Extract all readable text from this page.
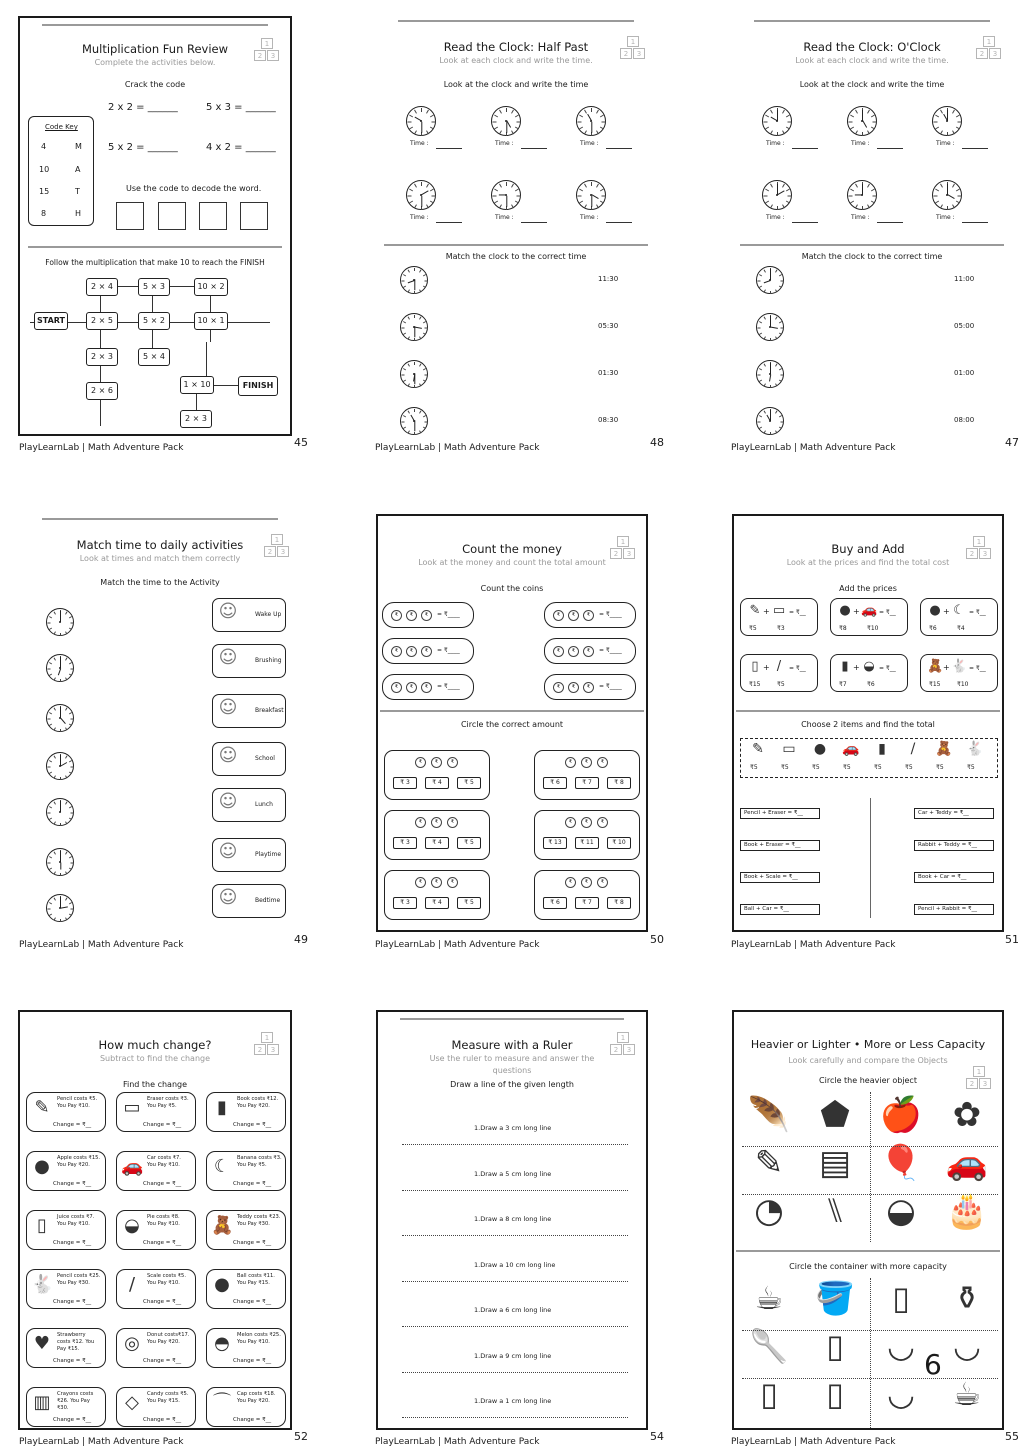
Multiplication Fun Review
Complete the activities below.
1
2	3
Crack the code
2 x 2 = ______	5 x 3 = ______
5 x 2 = ______	4 x 2 = ______
Code Key
4	M
10	A
15	T
8	H
Use the code to decode the word.
Follow the multiplication that make 10 to reach the FINISH
START
2 × 4
2 × 5
5 × 3
5 × 2
10 × 2
10 × 1
2 × 3	5 × 4
2 × 6
1 × 10	FINISH
2 × 3
PlayLearnLab | Math Adventure Pack	45
Read the Clock: Half Past
Look at each clock and write the time.
1
2	3
Look at the clock and write the time
Time :	Time :	Time :
Time :	Time :	Time :
Match the clock to the correct time
11:30
05:30
01:30
08:30
PlayLearnLab | Math Adventure Pack	48
Read the Clock: O'Clock
Look at each clock and write the time.
1
2	3
Look at the clock and write the time
Time :	Time :	Time :
Time :	Time :	Time :
Match the clock to the correct time
11:00
05:00
01:00
08:00
PlayLearnLab | Math Adventure Pack	47
Match time to daily activities
Look at times and match them correctly
1
2	3
Match the time to the Activity
☺	Wake Up
☺	Brushing
☺	Breakfast
☺	School
☺	Lunch
☺	Playtime
☺	Bedtime
PlayLearnLab | Math Adventure Pack	49
Count the money
Look at the money and count the total amount
1
2	3
Count the coins
₹	₹	₹	= ₹____	₹	₹	₹	= ₹____
₹	₹	₹	= ₹____	₹	₹	₹	= ₹____
₹	₹	₹	= ₹____	₹	₹	₹	= ₹____
Circle the correct amount
₹	₹	₹
₹ 3	₹ 4	₹ 5
₹	₹	₹
₹ 6	₹ 7	₹ 8
₹	₹	₹
₹ 3	₹ 4	₹ 5
₹	₹	₹
₹ 13	₹ 11	₹ 10
₹	₹	₹
₹ 3	₹ 4	₹ 5
₹	₹	₹
₹ 6	₹ 7	₹ 8
PlayLearnLab | Math Adventure Pack	50
Buy and Add
Look at the prices and find the total cost
1
2	3
Add the prices
✎ + ▭ = ₹__
₹5	₹3
● + 🚗 = ₹__
₹8	₹10
● + ☾ = ₹__
₹6	₹4
▯ + /	= ₹__
₹15	₹5
▮ + ◒ = ₹__
₹7	₹6
🧸 + 🐇 = ₹__
₹15	₹10
Choose 2 items and find the total
✎
₹5
▭
₹5
●
₹5
🚗
₹5
▮
₹5
/
₹5
🧸
₹5
🐇
₹5
Pencil + Eraser = ₹__	Car + Teddy = ₹__
Book + Eraser = ₹__	Rabbit + Teddy = ₹__
Book + Scale = ₹__	Book + Car = ₹__
Ball + Car = ₹__	Pencil + Rabbit = ₹__
PlayLearnLab | Math Adventure Pack	51
How much change?
Subtract to find the change
1
2	3
Find the change
✎	Pencil costs ₹5.
You Pay ₹10.
Change = ₹__
▭	Eraser costs ₹3.
You Pay ₹5.
Change = ₹__
▮	Book costs ₹12.
You Pay ₹20.
Change = ₹__
●	Apple costs ₹15.
You Pay ₹20.
Change = ₹__
🚗 Car costs ₹7.
You Pay ₹10.
Change = ₹__
☾	Banana costs ₹3.
You Pay ₹5.
Change = ₹__
▯	Juice costs ₹7.
You Pay ₹10.
Change = ₹__
◒	Pie costs ₹8.
You Pay ₹10.
Change = ₹__
🧸 Teddy costs ₹23.
You Pay ₹30.
Change = ₹__
🐇 Pencil costs ₹25.
You Pay ₹30.
Change = ₹__
/	Scale costs ₹5.
You Pay ₹10.
Change = ₹__
●	Ball costs ₹11.
You Pay ₹15.
Change = ₹__
♥	Strawberry
costs ₹12. You
Pay ₹15.
Change = ₹__
◎	Donut costs₹17.
You Pay ₹20.
Change = ₹__
◓	Melon costs ₹25.
You Pay ₹10.
Change = ₹__
▥	Crayons costs
₹26. You Pay
₹30.
Change = ₹__
◇	Candy costs ₹5.
You Pay ₹15.
Change = ₹__
⌒	Cap costs ₹18.
You Pay ₹20.
Change = ₹__
PlayLearnLab | Math Adventure Pack	52
Measure with a Ruler
Use the ruler to measure and answer the
questions
1
2	3
Draw a line of the given length
1.Draw a 3 cm long line
1.Draw a 5 cm long line
1.Draw a 8 cm long line
1.Draw a 10 cm long line
1.Draw a 6 cm long line
1.Draw a 9 cm long line
1.Draw a 1 cm long line
PlayLearnLab | Math Adventure Pack	54
Heavier or Lighter • More or Less Capacity
Look carefully and compare the Objects
1
2	3
Circle the heavier object
🪶 ⬟ 🍎 ✿
✎	▤ 🎈 🚗
◔	⑊	◒ 🎂
Circle the container with more capacity
☕ 🪣	▯	⚱
🥄	▯	◡	◡
▯	▯	◡	☕
6
PlayLearnLab | Math Adventure Pack	55
